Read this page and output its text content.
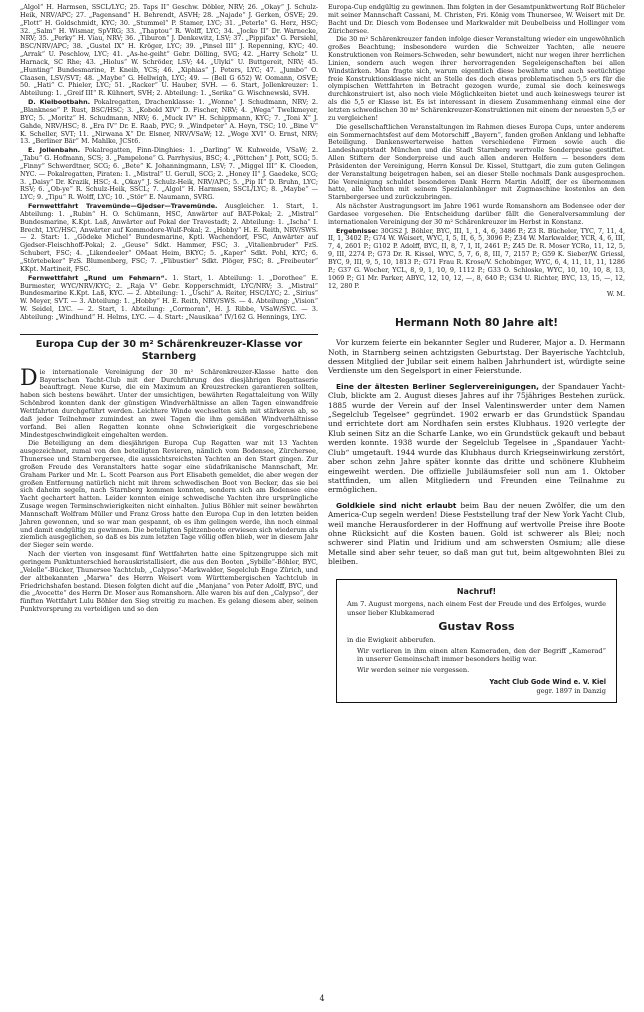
„Algol“ H. Harmsen, SSCL/LYC; 25. Taps II“ Geschw. Döbler, NRV; 26. „Okay“ J. Schulz-Heik, NRV/APC; 27. „Pagensand“ H. Behrendt, ASVH; 28. „Najade“ J. Gerken, OSVE; 29. „Flott“ H. Goldschmidt, KYC; 30. „Stummel“ P. Stamer, LYC; 31. „Peterle“ G. Herz, HSC; 32. „Salm“ H. Wismar, SpVRG; 33. „Thaptou“ R. Wolff, LYC; 34. „Jocko II“ Dr. Warnecke, NRV; 35. „Perky“ H. Viau, NRV; 36. „Tiburon“ J. Denkewitz, LSV; 37. „Pippifax“ G. Persiehl, BSC/NRV/APC; 38. „Gustel IX“ H. Kröger, LYC; 39. „Pinsel III“ J. Repenning, KYC; 40. „Arrak“ U. Peschlow, LYC; 41. „As-he-geiht“ Gebr. Dölling, SVG; 42. „Harry Scholz“ U. Harnack, SC Rhe; 43. „Hiolus“ W. Schröder, LSV; 44. „Ulyki“ U. Buttgereit, NRV; 45. „Hunting“ Bundesmarine, P. Kneib, YCS; 46. „Xiphias“ J. Peters, LYC; 47. „Jumbo“ O. Claasen, LSV/SVT; 48. „Maybe“ G. Hellwigh, LYC; 49. — (Bell G 652) W. Oomann, OSVE; 50. „Hati“ C. Phieler, LYC; 51. „Racker“ U. Hauber, SVH. — 6. Start, Jollenkreuzer: 1. Abteilung: 1. „Greif III“ R. Kühnert, SVH; 2. Abteilung: 1. „Serika“ G. Wischnewski, SVH.

D. Kielbootbahn. Pokalregatten, Drachenklasse: 1. „Wonne“ J. Schudmann, NRV; 2. „Blanknese“ P. Rust, BSC/HSC; 3. „Kobold XIV“ D. Fischer, NRV; 4. „Wega“ Twelkmeyer, BYC; 5. „Moritz“ H. Schudmann, NRV; 6. „Muck IV“ H. Schippmann, KYC; 7. „Toni X“ J. Gahde, NRV/HSC; 8. „Era IV“ Dr. E. Raab, PYC; 9. „Windpeter“ A. Heyn, TSC; 10. „Bine V“ K. Scheller, SVT; 11. „Nirwana X“ Dr. Elsner, NRV/VSaW; 12. „Woge XVI“ O. Ernst, NRV; 13. „Berliner Bär“ M. Mahlke, JCSt6.

E. Jollenbahn. Pokalregatten, Finn-Dinghies: 1. „Darling“ W. Kuhweide, VSaW; 2. „Tabu“ G. Hofmann, SCS; 3. „Pampelone“ G. Parrhysius, BSC; 4. „Pöttchen“ J. Pott, SCG; 5. „Finny“ Schwerdtner, SCG; 6. „Bete“ K. Johanningmann, LSV; 7. „Miggel III“ K. Cloeden, NYC. — Pokalregatten, Piraten: 1. „Mistral“ U. Gerull, SCG; 2. „Honey II“ J. Gaedeke, SCG; 3. „Daisy“ Dr. Krazik, HSC; 4. „Okay“ J. Schulz-Heik, NRV/APC; 5. „Pip II“ D. Bruhn, LYC; RSV; 6. „Ob-ye“ R. Schulz-Heik, SSCL; 7. „Algol“ H. Harmsen, SSCL/LYC; 8. „Maybe“ — LYC; 9. „Tipu“ R. Wolff, LYC; 10. „Stör“ E. Naumann, SVRG.

Fernwettfahrt Travemünde—Gjedser—Travemünde. Ausgleicher. 1. Start, 1. Abteilung: 1. „Rubin“ H. O. Schümann, HSC, Anwärter auf BAT-Pokal; 2. „Mistral“ Bundesmarine, K.Kpt. Laß, Anwärter auf Pokal der Travestadt; 2. Abteilung: 1. „Ischa“ I. Brecht, LYC/HSC, Anwärter auf Kommodore-Wulf-Pokal; 2. „Hobby“ H. E. Reith, NRV/SWS. — 2. Start: 1. „Gödeke Michel“ Bundesmarine, Kptl. Wachendorf, FSC, Anwärter auf Gjedser-Fleischhoff-Pokal; 2. „Geuse“ Sdkt. Hammer, FSC; 3. „Vitalienbruder“ FzS. Schubert, FSC; 4. „Likendeeler“ OMaat Heim, BKYC; 5. „Kaper“ Sdkt. Pohl, KYC; 6. „Störtebeker“ FzS. Blumenberg, FSC; 7. „Flibustier“ Sdkt. Plöger, FSC; 8. „Freibeuter“ KKpt. Martineit, FSC.

Fernwettfahrt „Rund um Fehmarn“. 1. Start, 1. Abteilung: 1. „Dorothee“ E. Burmester, WYC/NRV/KYC; 2. „Raja V“ Gebr. Kopperschmidt, LYC/NRV; 3. „Mistral“ Bundesmarine K.Kpt. Laß, KYC. — 2. Abteilung: 1. „Uschi“ A. Reiter, HSC/LYC; 2. „Sirius“ W. Meyer, SVT. — 3. Abteilung: 1. „Hobby“ H. E. Reith, NRV/SWS. — 4. Abteilung: „Vision“ W. Seidel, LYC. — 2. Start, 1. Abteilung: „Cormoran“, H. J. Ribbe, VSaW/SYC. — 3. Abteilung: „Windhund“ H. Helms, LYC. — 4. Start: „Nausikaa“ IV/162 G. Hennings, LYC.

Europa Cup der 30 m² Schärenkreuzer-Klasse vor Starnberg

Die internationale Vereinigung der 30 m² Schärenkreuzer-Klasse hatte den Bayerischen Yacht-Club mit der Durchführung des diesjährigen Regattaserie beauftragt. Neue Kurse, die ein Maximum an Kreuzstrecken garantieren sollten, haben sich bestens bewährt. Unter der umsichtigen, bewährten Regattaleitung von Willy Schönbrod konnten dank der günstigen Windverhältnisse an allen Tagen einwandfreie Wettfahrten durchgeführt werden. Leichtere Winde wechselten sich mit stärkeren ab, so daß jeder Teilnehmer zumindest an zwei Tagen die ihm gemäßen Windverhältnisse vorfand. Bei allen Regatten konnte ohne Schwierigkeit die vorgeschriebene Mindestgeschwindigkeit eingehalten werden.

Die Beteiligung an dem diesjährigen Europa Cup Regatten war mit 13 Yachten ausgezeichnet, zumal von den beteiligten Revieren, nämlich vom Bodensee, Zürchersee, Thunersee und Starnbergersee, die aussichtsreichsten Yachten an den Start gingen. Zur großen Freude des Veranstalters hatte sogar eine südafrikanische Mannschaft, Mr. Graham Parker und Mr. L. Scott Pearson aus Port Elisabeth gemeldet, die aber wegen der großen Entfernung natürlich nicht mit ihrem schwedischen Boot von Becker, das sie bei sich daheim segeln, nach Starnberg kommen konnten, sondern sich am Bodensee eine Yacht gechartert hatten. Leider konnten einige schwedische Yachten ihre ursprüngliche Zusage wegen Terminschwierigkeiten nicht einhalten. Julius Böhler mit seiner bewährten Mannschaft Wolfram Müller und Franz Gross hatte den Europa Cup in den letzten beiden Jahren gewonnen, und so war man gespannt, ob es ihm gelingen werde, ihn noch einmal und damit endgültig zu gewinnen. Die beteiligten Spitzenboote erwiesen sich wiederum als ziemlich ausgeglichen, so daß es bis zum letzten Tage völlig offen blieb, wer in diesem Jahr der Sieger sein werde.

Nach der vierten von insgesamt fünf Wettfahrten hatte eine Spitzengruppe sich mit geringem Punktunterschied herauskristallisiert, die aus den Booten „Sybille“-Böhler, BYC, „Velelle“-Bücker, Thunersee Yachtclub, „Calypso“-Markwalder, Segelclub Enge Zürich, und der altbekannten „Marwa“ des Herrn Weisert vom Württembergischen Yachtclub in Friedrichshafen bestand. Diesen folgten dicht auf die „Manjana“ von Peter Adolff, BYC, und die „Avocette“ des Herrn Dr. Moser aus Romanshorn. Alle waren bis auf den „Calypso“, der fünften Wettfahrt Lulu Böhler den Sieg streitig zu machen. Es gelang diesem aber, seinen Punktvorsprung zu verteidigen und so den

Europa-Cup endgültig zu gewinnen. Ihm folgten in der Gesamtpunktwertung Rolf Bücheler mit seiner Mannschaft Cassani, M. Christen, Fri. König vom Thunersee, W. Weisert mit Dr. Bacht und Dr. Diesch vom Bodensee und Markwalder mit Deubelbeiss und Hollinger vom Zürichersee.

Die 30 m² Schärenkreuzer fanden infolge dieser Veranstaltung wieder ein ungewöhnlich großes Beachtung; insbesondere wurden die Schweizer Yachten, alle neuere Konstruktionen von Reimers-Schweden, sehr bewundert, nicht nur wegen ihrer herrlichen Linien, sondern auch wegen ihrer hervorragenden Segeleigenschaften bei allen Windstärken. Man fragte sich, warum eigentlich diese bewährte und auch seetüchtige freie Konstruktionsklasse nicht an Stelle des doch etwas problematischen 5,5 ers für die olympischen Wettfahrten in Betracht gezogen wurde, zumal sie doch keineswegs durchkonstruiert ist, also noch viele Möglichkeiten bietet und auch keineswegs teurer ist als die 5,5 er Klasse ist. Es ist interessant in diesem Zusammenhang einmal eine der letzten schwedischen 30 m² Schärenkreuzer-Konstruktionen mit einem der neuesten 5,5 er zu vergleichen!

Die gesellschaftlichen Veranstaltungen im Rahmen dieses Europa Cups, unter anderem ein Sommernachtsfest auf dem Motorschiff „Bayern“, fanden großen Anklang und lebhafte Beteiligung. Dankenswerterweise hatten verschiedene Firmen sowie auch die Landeshauptstadt München und die Stadt Starnberg wertvolle Sonderpreise gestiftet. Allen Stiftern der Sonderpreise und auch allen anderen Helfern — besonders dem Präsidenten der Vereinigung, Herrn Konsul Dr. Kissel, Stuttgart, die zum guten Gelingen der Veranstaltung beigetragen haben, sei an dieser Stelle nochmals Dank ausgesprochen. Die Vereinigung schuldet besonderen Dank Herrn Martin Adolff, der es übernommen hatte, alle Yachten mit seinem Spezialanhänger mit Zugmaschine kostenlos an den Starnbergersee und zurückzubringen.

Als nächster Austragungsort im Jahre 1961 wurde Romanshorn am Bodensee oder der Gardasee vorgesehen. Die Entscheidung darüber fällt die Generalversammlung der internationalen Vereinigung der 30 m² Schärenkreuzer im Herbst in Konstanz.

Ergebnisse: 30GS2 J. Böhler, BYC, III, 1, 1, 4, 6, 3486 P.; Z3 R. Bücheler, TYC, 7, 11, 4, II, 1, 3402 P.; G74 W. Weisert, WYC, I, 5, II, 6, 5, 3096 P.; Z34 W. Markwalder, YCR, 4, 6, III, 7, 4, 2601 P.; G102 P. Adolff, BYC, II, 8, 7, I, II, 2461 P.; Z45 Dr. R. Moser YCRo, 11, 12, 5, 9, III, 2274 P.; G73 Dr. R. Kissel, WYC, 5, 7, 6, 8, III, 7, 2157 P.; G59 K. Sieber/W. Griessl, BYC, 9, III, 9, 5, 10, 1813 P.; G71 Frau R. Krose/V. Schobinger, WYC, 6, 4, 11, 11, 11, 1286 P.; G37 G. Wocher, YCL, 8, 9, 1, 10, 9, 1112 P.; G33 O. Schloske, WYC, 10, 10, 10, 8, 13, 1069 P.; G1 Mr. Parker, ABYC, 12, 10, 12, —, 8, 640 P.; G34 U. Richter, BYC, 13, 15, —, 12, 12, 280 P.

W. M.

Hermann Noth 80 Jahre alt!

Vor kurzem feierte ein bekannter Segler und Ruderer, Major a. D. Hermann Noth, in Starnberg seinen achtzigsten Geburtstag. Der Bayerische Yachtclub, dessen Mitglied der Jubilar seit einem halben Jahrhundert ist, würdigte seine Verdienste um den Segelsport in einer Feierstunde.

Eine der ältesten Berliner Seglervereinigungen, der Spandauer Yacht-Club, blickte am 2. August dieses Jahres auf ihr 75jähriges Bestehen zurück. 1885 wurde der Verein auf der Insel Valentinswerder unter dem Namen „Segelclub Tegelsee“ gegründet. 1902 erwarb er das Grundstück Spandau und errichtete dort am Nordhafen sein erstes Klubhaus. 1920 verlegte der Klub seinen Sitz an die Scharfe Lanke, wo ein Grundstück gekauft und bebaut werden konnte. 1938 wurde der Segelclub Tegelsee in „Spandauer Yacht-Club“ umgetauft. 1944 wurde das Klubhaus durch Kriegseinwirkung zerstört, aber schon zehn Jahre später konnte das dritte und schönere Klubheim eingeweiht werden. Die offizielle Jubiläumsfeier soll nun am 1. Oktober stattfinden, um allen Mitgliedern und Freunden eine Teilnahme zu ermöglichen.

Goldkiele sind nicht erlaubt beim Bau der neuen Zwölfer, die um den America-Cup segeln werden! Diese Feststellung traf der New York Yacht Club, weil manche Herausforderer in der Hoffnung auf wertvolle Preise ihre Boote ohne Rücksicht auf die Kosten bauen. Gold ist schwerer als Blei; noch schwerer sind Platin und Iridium und am schwersten Osmium; alle diese Metalle sind aber sehr teuer, so daß man gut tut, beim altgewohnten Blei zu bleiben.

Nachruf!

Am 7. August morgens, nach einem Fest der Freude und des Erfolges, wurde unser lieber Klubkamerad

Gustav Ross

in die Ewigkeit abberufen.

Wir verlieren in ihm einen alten Kameraden, den der Begriff „Kamerad“ in unserer Gemeinschaft immer besonders heilig war.

Wir werden seiner nie vergessen.

Yacht Club Gode Wind e. V. Kiel
gegr. 1897 in Danzig
4
